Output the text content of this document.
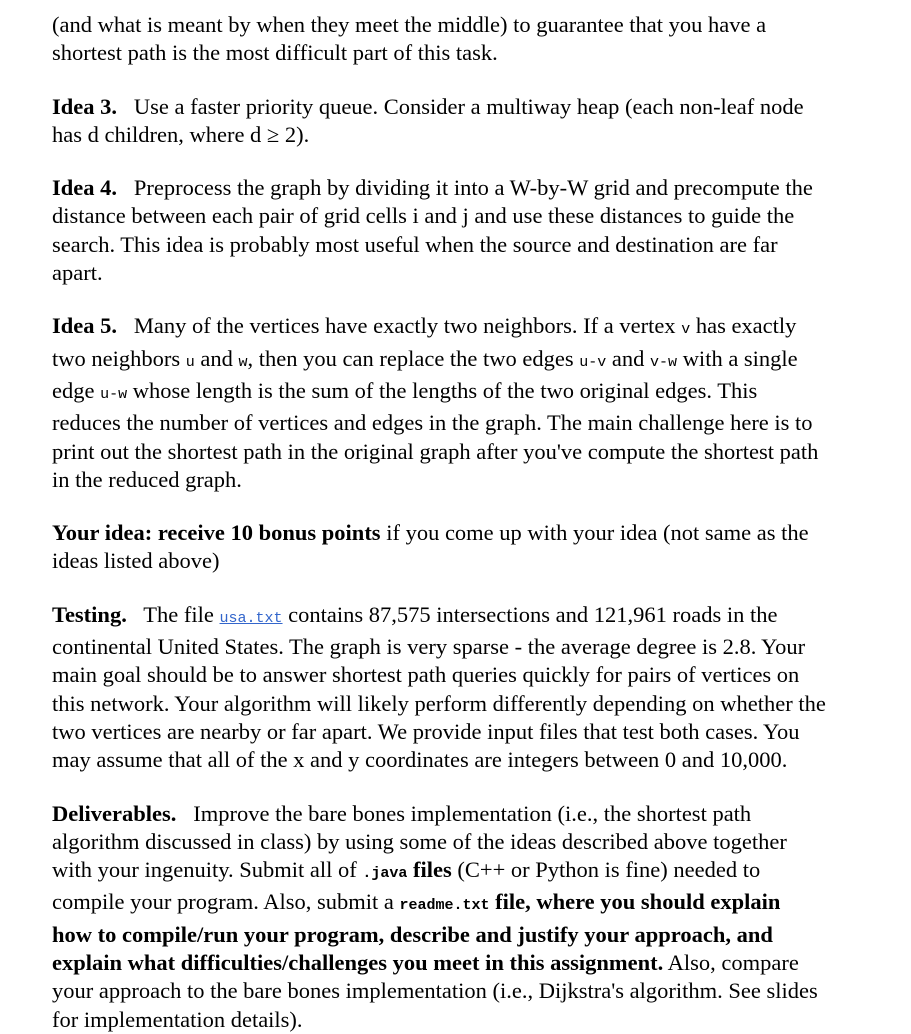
(and what is meant by when they meet the middle) to guarantee that you have a
shortest path is the most difficult part of this task.

Idea 3.   Use a faster priority queue. Consider a multiway heap (each non-leaf node
has d children, where d ≥ 2).

Idea 4.   Preprocess the graph by dividing it into a W-by-W grid and precompute the
distance between each pair of grid cells i and j and use these distances to guide the
search. This idea is probably most useful when the source and destination are far
apart.

Idea 5.   Many of the vertices have exactly two neighbors. If a vertex v has exactly
two neighbors u and w, then you can replace the two edges u-v and v-w with a single
edge u-w whose length is the sum of the lengths of the two original edges. This
reduces the number of vertices and edges in the graph. The main challenge here is to
print out the shortest path in the original graph after you've compute the shortest path
in the reduced graph.

Your idea: receive 10 bonus points if you come up with your idea (not same as the
ideas listed above)

Testing.   The file usa.txt contains 87,575 intersections and 121,961 roads in the
continental United States. The graph is very sparse - the average degree is 2.8. Your
main goal should be to answer shortest path queries quickly for pairs of vertices on
this network. Your algorithm will likely perform differently depending on whether the
two vertices are nearby or far apart. We provide input files that test both cases. You
may assume that all of the x and y coordinates are integers between 0 and 10,000.

Deliverables.   Improve the bare bones implementation (i.e., the shortest path
algorithm discussed in class) by using some of the ideas described above together
with your ingenuity. Submit all of .java files (C++ or Python is fine) needed to
compile your program. Also, submit a readme.txt file, where you should explain
how to compile/run your program, describe and justify your approach, and
explain what difficulties/challenges you meet in this assignment. Also, compare
your approach to the bare bones implementation (i.e., Dijkstra's algorithm. See slides
for implementation details).
